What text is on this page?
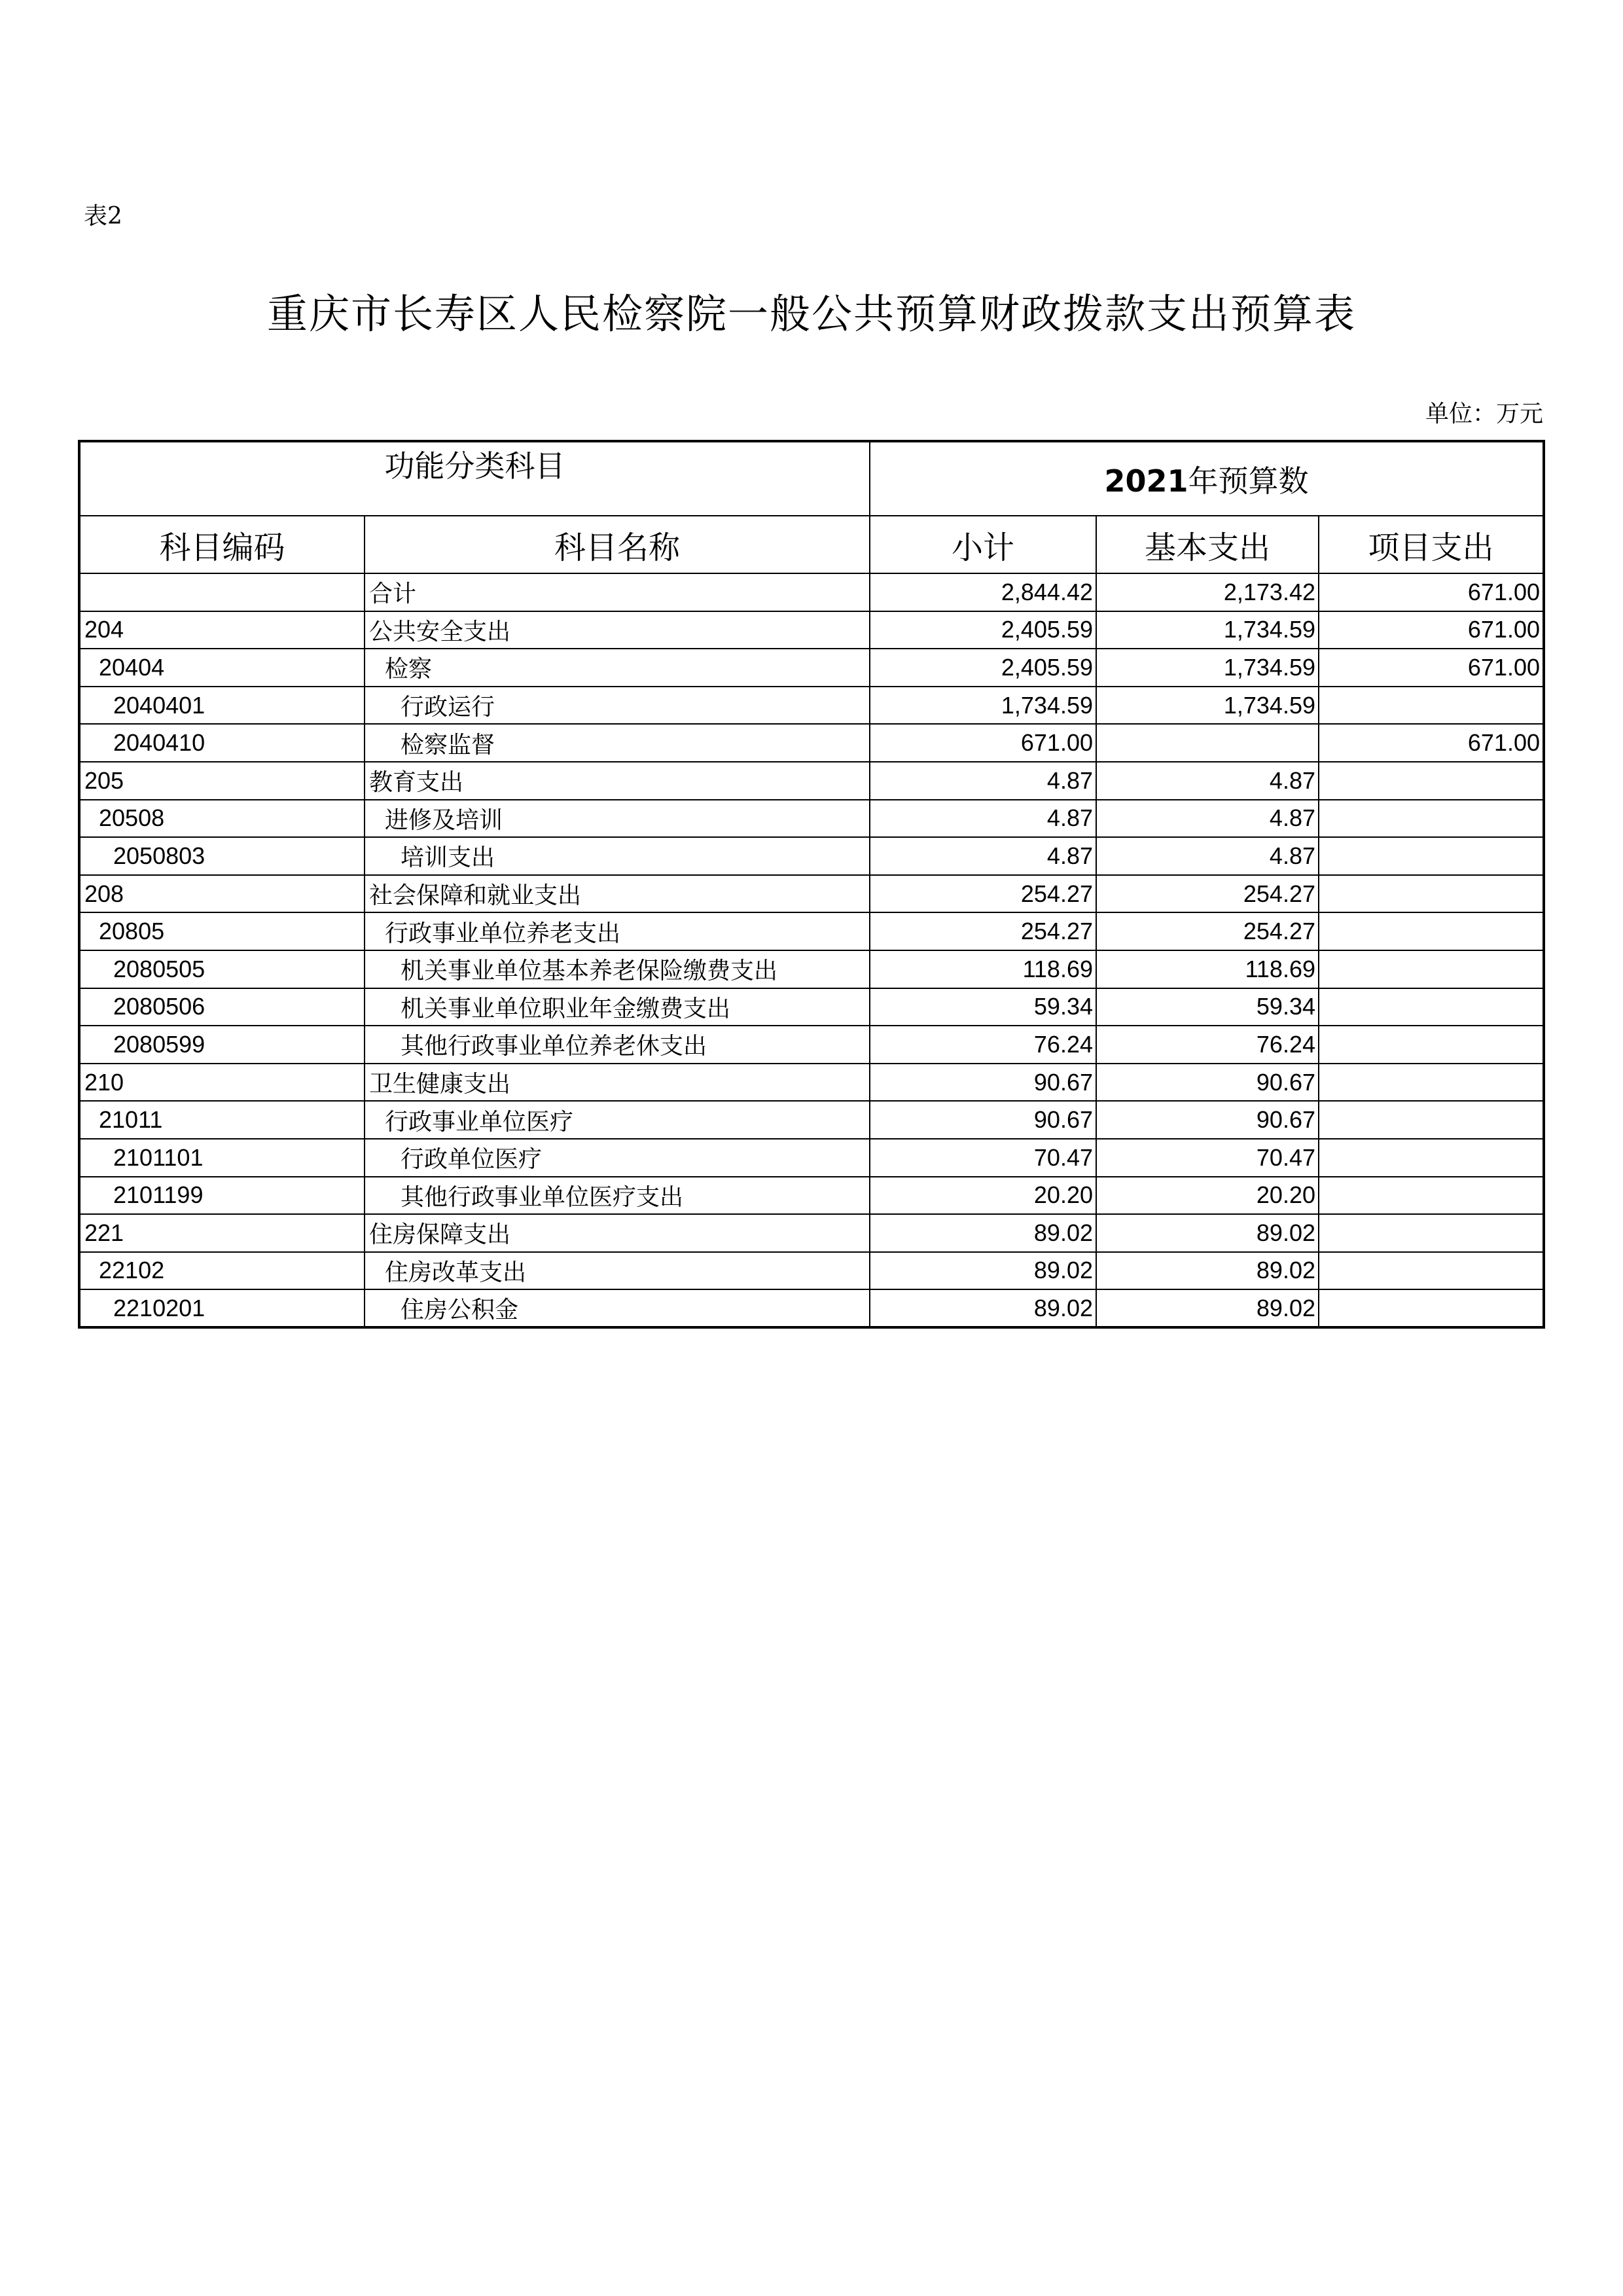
表2
重庆市长寿区人民检察院一般公共预算财政拨款支出预算表
单位：万元
功能分类科目		2021年预算数		
科目编码	科目名称	小计	基本支出	项目支出
	合计	2,844.42	2,173.42	671.00
204	公共安全支出	2,405.59	1,734.59	671.00
20404	检察	2,405.59	1,734.59	671.00
2040401	行政运行	1,734.59	1,734.59	
2040410	检察监督	671.00		671.00
205	教育支出	4.87	4.87	
20508	进修及培训	4.87	4.87	
2050803	培训支出	4.87	4.87	
208	社会保障和就业支出	254.27	254.27	
20805	行政事业单位养老支出	254.27	254.27	
2080505	机关事业单位基本养老保险缴费支出	118.69	118.69	
2080506	机关事业单位职业年金缴费支出	59.34	59.34	
2080599	其他行政事业单位养老休支出	76.24	76.24	
210	卫生健康支出	90.67	90.67	
21011	行政事业单位医疗	90.67	90.67	
2101101	行政单位医疗	70.47	70.47	
2101199	其他行政事业单位医疗支出	20.20	20.20	
221	住房保障支出	89.02	89.02	
22102	住房改革支出	89.02	89.02	
2210201	住房公积金	89.02	89.02	
